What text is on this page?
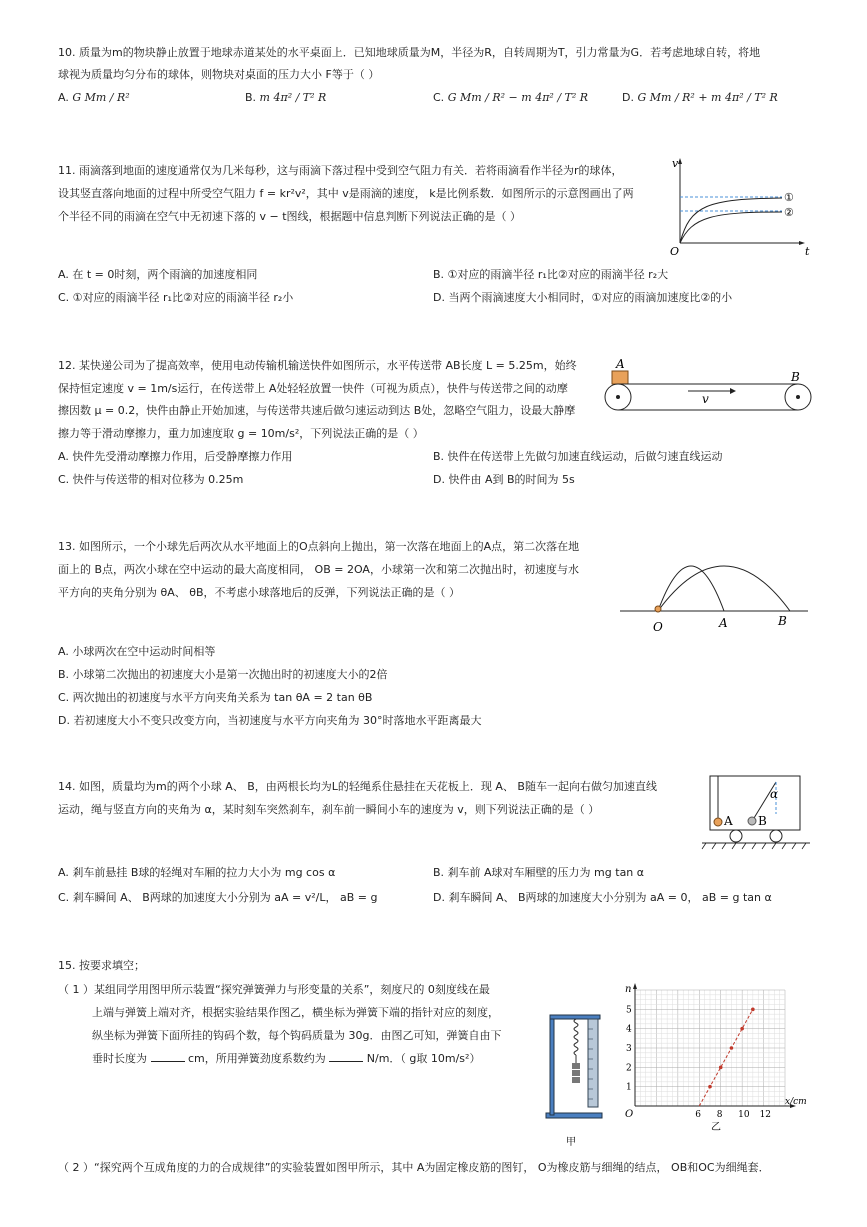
10. 质量为m的物块静止放置于地球赤道某处的水平桌面上．已知地球质量为M，半径为R，自转周期为T，引力常量为G．若考虑地球自转，将地
球视为质量均匀分布的球体，则物块对桌面的压力大小 F等于（ ）
A. G Mm / R²	B. m 4π² / T² R	C. G Mm / R² − m 4π² / T² R	D. G Mm / R² + m 4π² / T² R
11. 雨滴落到地面的速度通常仅为几米每秒，这与雨滴下落过程中受到空气阻力有关．若将雨滴看作半径为r的球体，
设其竖直落向地面的过程中所受空气阻力 f = kr²v²，其中 v是雨滴的速度， k是比例系数．如图所示的示意图画出了两
个半径不同的雨滴在空气中无初速下落的 v − t图线，根据题中信息判断下列说法正确的是（ ）
v
t
O
①
②
A. 在 t = 0时刻，两个雨滴的加速度相同	B. ①对应的雨滴半径 r₁比②对应的雨滴半径 r₂大
C. ①对应的雨滴半径 r₁比②对应的雨滴半径 r₂小	D. 当两个雨滴速度大小相同时，①对应的雨滴加速度比②的小
12. 某快递公司为了提高效率，使用电动传输机输送快件如图所示，水平传送带 AB长度 L = 5.25m，始终
保持恒定速度 v = 1m/s运行，在传送带上 A处轻轻放置一快件（可视为质点），快件与传送带之间的动摩
擦因数 μ = 0.2，快件由静止开始加速，与传送带共速后做匀速运动到达 B处，忽略空气阻力，设最大静摩
擦力等于滑动摩擦力，重力加速度取 g = 10m/s²，下列说法正确的是（ ）
A
B
v
A. 快件先受滑动摩擦力作用，后受静摩擦力作用	B. 快件在传送带上先做匀加速直线运动，后做匀速直线运动
C. 快件与传送带的相对位移为 0.25m	D. 快件由 A到 B的时间为 5s
13. 如图所示，一个小球先后两次从水平地面上的O点斜向上抛出，第一次落在地面上的A点，第二次落在地
面上的 B点，两次小球在空中运动的最大高度相同， OB = 2OA，小球第一次和第二次抛出时，初速度与水
平方向的夹角分别为 θA、 θB，不考虑小球落地后的反弹，下列说法正确的是（ ）
O	A	B
A. 小球两次在空中运动时间相等
B. 小球第二次抛出的初速度大小是第一次抛出时的初速度大小的2倍
C. 两次抛出的初速度与水平方向夹角关系为 tan θA = 2 tan θB
D. 若初速度大小不变只改变方向，当初速度与水平方向夹角为 30°时落地水平距离最大
14. 如图，质量均为m的两个小球 A、 B，由两根长均为L的轻绳系住悬挂在天花板上．现 A、 B随车一起向右做匀加速直线
运动，绳与竖直方向的夹角为 α，某时刻车突然刹车，刹车前一瞬间小车的速度为 v，则下列说法正确的是（ ）
A B
α
A. 剎车前悬挂 B球的轻绳对车厢的拉力大小为 mg cos α	B. 剎车前 A球对车厢壁的压力为 mg tan α
C. 剎车瞬间 A、 B两球的加速度大小分别为 aA = v²/L， aB = g	D. 剎车瞬间 A、 B两球的加速度大小分别为 aA = 0， aB = g tan α
15. 按要求填空；
（ 1 ）某组同学用图甲所示装置“探究弹簧弹力与形变量的关系”，刻度尺的 0刻度线在最
上端与弹簧上端对齐，根据实验结果作图乙，横坐标为弹簧下端的指针对应的刻度，
纵坐标为弹簧下面所挂的钩码个数，每个钩码质量为 30g．由图乙可知，弹簧自由下
垂时长度为	cm，所用弹簧劲度系数约为	N/m．（ g取 10m/s²）
甲
6 8 10 12
1
2
3
4
5
n
x/cm
O
乙
（ 2 ）“探究两个互成角度的力的合成规律”的实验装置如图甲所示，其中 A为固定橡皮筋的图钉， O为橡皮筋与细绳的结点， OB和OC为细绳套．
